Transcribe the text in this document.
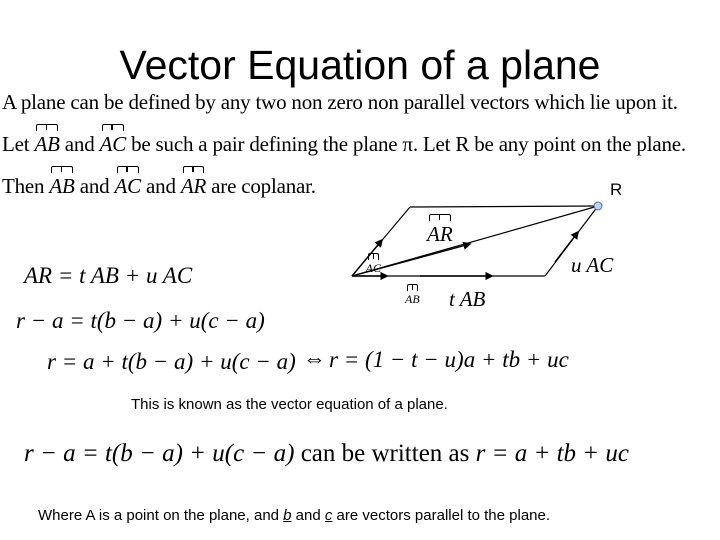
Vector Equation of a plane
A plane can be defined by any two non zero non parallel vectors which lie upon it.
Let AB and AC be such a pair defining the plane π. Let R be any point on the plane.
Then AB and AC and AR are coplanar.	R
AR AC AB t AB
u AC
AR = t AB + u AC
r − a = t(b − a) + u(c − a)
r = a + t(b − a) + u(c − a) ⇔ r = (1 − t − u)a + tb + uc
This is known as the vector equation of a plane.
r − a = t(b − a) + u(c − a) can be written as r = a + tb + uc
Where A is a point on the plane, and b and c are vectors parallel to the plane.
